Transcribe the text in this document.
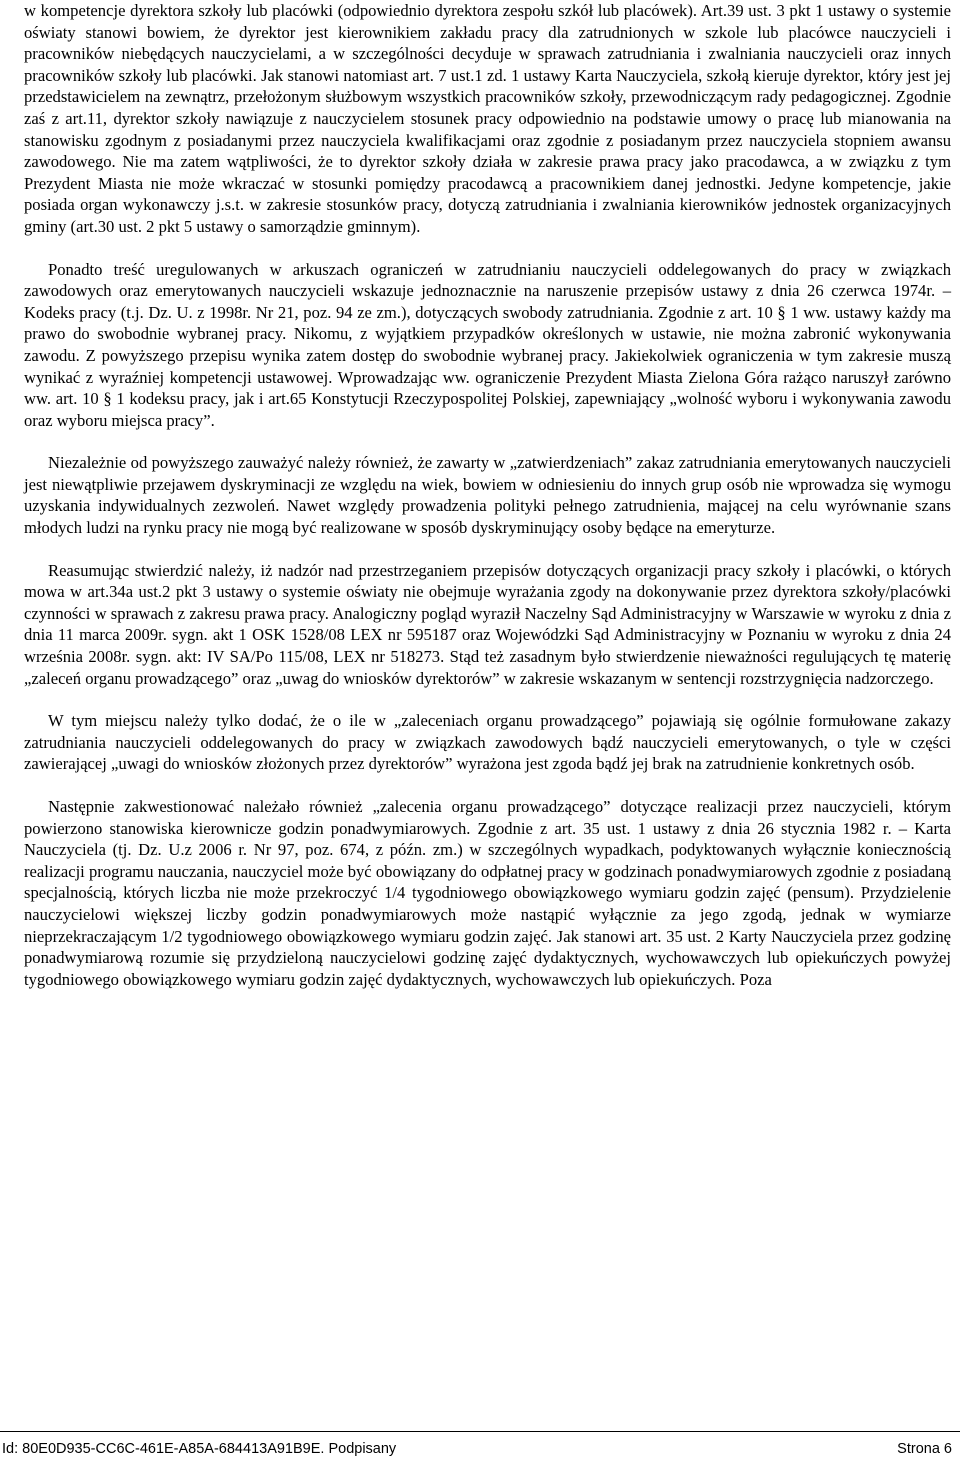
w kompetencje dyrektora szkoły lub placówki (odpowiednio dyrektora zespołu szkół lub placówek). Art.39 ust. 3 pkt 1 ustawy o systemie oświaty stanowi bowiem, że dyrektor jest kierownikiem zakładu pracy dla zatrudnionych w szkole lub placówce nauczycieli i pracowników niebędących nauczycielami, a w szczególności decyduje w sprawach zatrudniania i zwalniania nauczycieli oraz innych pracowników szkoły lub placówki. Jak stanowi natomiast art. 7 ust.1 zd. 1 ustawy Karta Nauczyciela, szkołą kieruje dyrektor, który jest jej przedstawicielem na zewnątrz, przełożonym służbowym wszystkich pracowników szkoły, przewodniczącym rady pedagogicznej. Zgodnie zaś z art.11, dyrektor szkoły nawiązuje z nauczycielem stosunek pracy odpowiednio na podstawie umowy o pracę lub mianowania na stanowisku zgodnym z posiadanymi przez nauczyciela kwalifikacjami oraz zgodnie z posiadanym przez nauczyciela stopniem awansu zawodowego. Nie ma zatem wątpliwości, że to dyrektor szkoły działa w zakresie prawa pracy jako pracodawca, a w związku z tym Prezydent Miasta nie może wkraczać w stosunki pomiędzy pracodawcą a pracownikiem danej jednostki. Jedyne kompetencje, jakie posiada organ wykonawczy j.s.t. w zakresie stosunków pracy, dotyczą zatrudniania i zwalniania kierowników jednostek organizacyjnych gminy (art.30 ust. 2 pkt 5 ustawy o samorządzie gminnym).

Ponadto treść uregulowanych w arkuszach ograniczeń w zatrudnianiu nauczycieli oddelegowanych do pracy w związkach zawodowych oraz emerytowanych nauczycieli wskazuje jednoznacznie na naruszenie przepisów ustawy z dnia 26 czerwca 1974r. – Kodeks pracy (t.j. Dz. U. z 1998r. Nr 21, poz. 94 ze zm.), dotyczących swobody zatrudniania. Zgodnie z art. 10 § 1 ww. ustawy każdy ma prawo do swobodnie wybranej pracy. Nikomu, z wyjątkiem przypadków określonych w ustawie, nie można zabronić wykonywania zawodu. Z powyższego przepisu wynika zatem dostęp do swobodnie wybranej pracy. Jakiekolwiek ograniczenia w tym zakresie muszą wynikać z wyraźniej kompetencji ustawowej. Wprowadzając ww. ograniczenie Prezydent Miasta Zielona Góra rażąco naruszył zarówno ww. art. 10 § 1 kodeksu pracy, jak i art.65 Konstytucji Rzeczypospolitej Polskiej, zapewniający „wolność wyboru i wykonywania zawodu oraz wyboru miejsca pracy”.

Niezależnie od powyższego zauważyć należy również, że zawarty w „zatwierdzeniach” zakaz zatrudniania emerytowanych nauczycieli jest niewątpliwie przejawem dyskryminacji ze względu na wiek, bowiem w odniesieniu do innych grup osób nie wprowadza się wymogu uzyskania indywidualnych zezwoleń. Nawet względy prowadzenia polityki pełnego zatrudnienia, mającej na celu wyrównanie szans młodych ludzi na rynku pracy nie mogą być realizowane w sposób dyskryminujący osoby będące na emeryturze.

Reasumując stwierdzić należy, iż nadzór nad przestrzeganiem przepisów dotyczących organizacji pracy szkoły i placówki, o których mowa w art.34a ust.2 pkt 3 ustawy o systemie oświaty nie obejmuje wyrażania zgody na dokonywanie przez dyrektora szkoły/placówki czynności w sprawach z zakresu prawa pracy. Analogiczny pogląd wyraził Naczelny Sąd Administracyjny w Warszawie w wyroku z dnia z dnia 11 marca 2009r. sygn. akt 1 OSK 1528/08 LEX nr 595187 oraz Wojewódzki Sąd Administracyjny w Poznaniu w wyroku z dnia 24 września 2008r. sygn. akt: IV SA/Po 115/08, LEX nr 518273. Stąd też zasadnym było stwierdzenie nieważności regulujących tę materię „zaleceń organu prowadzącego” oraz „uwag do wniosków dyrektorów” w zakresie wskazanym w sentencji rozstrzygnięcia nadzorczego.

W tym miejscu należy tylko dodać, że o ile w „zaleceniach organu prowadzącego” pojawiają się ogólnie formułowane zakazy zatrudniania nauczycieli oddelegowanych do pracy w związkach zawodowych bądź nauczycieli emerytowanych, o tyle w części zawierającej „uwagi do wniosków złożonych przez dyrektorów” wyrażona jest zgoda bądź jej brak na zatrudnienie konkretnych osób.

Następnie zakwestionować należało również „zalecenia organu prowadzącego” dotyczące realizacji przez nauczycieli, którym powierzono stanowiska kierownicze godzin ponadwymiarowych. Zgodnie z art. 35 ust. 1 ustawy z dnia 26 stycznia 1982 r. – Karta Nauczyciela (tj. Dz. U.z 2006 r. Nr 97, poz. 674, z późn. zm.) w szczególnych wypadkach, podyktowanych wyłącznie koniecznością realizacji programu nauczania, nauczyciel może być obowiązany do odpłatnej pracy w godzinach ponadwymiarowych zgodnie z posiadaną specjalnością, których liczba nie może przekroczyć 1/4 tygodniowego obowiązkowego wymiaru godzin zajęć (pensum). Przydzielenie nauczycielowi większej liczby godzin ponadwymiarowych może nastąpić wyłącznie za jego zgodą, jednak w wymiarze nieprzekraczającym 1/2 tygodniowego obowiązkowego wymiaru godzin zajęć. Jak stanowi art. 35 ust. 2 Karty Nauczyciela przez godzinę ponadwymiarową rozumie się przydzieloną nauczycielowi godzinę zajęć dydaktycznych, wychowawczych lub opiekuńczych powyżej tygodniowego obowiązkowego wymiaru godzin zajęć dydaktycznych, wychowawczych lub opiekuńczych. Poza

Id: 80E0D935-CC6C-461E-A85A-684413A91B9E. Podpisany	Strona 6
